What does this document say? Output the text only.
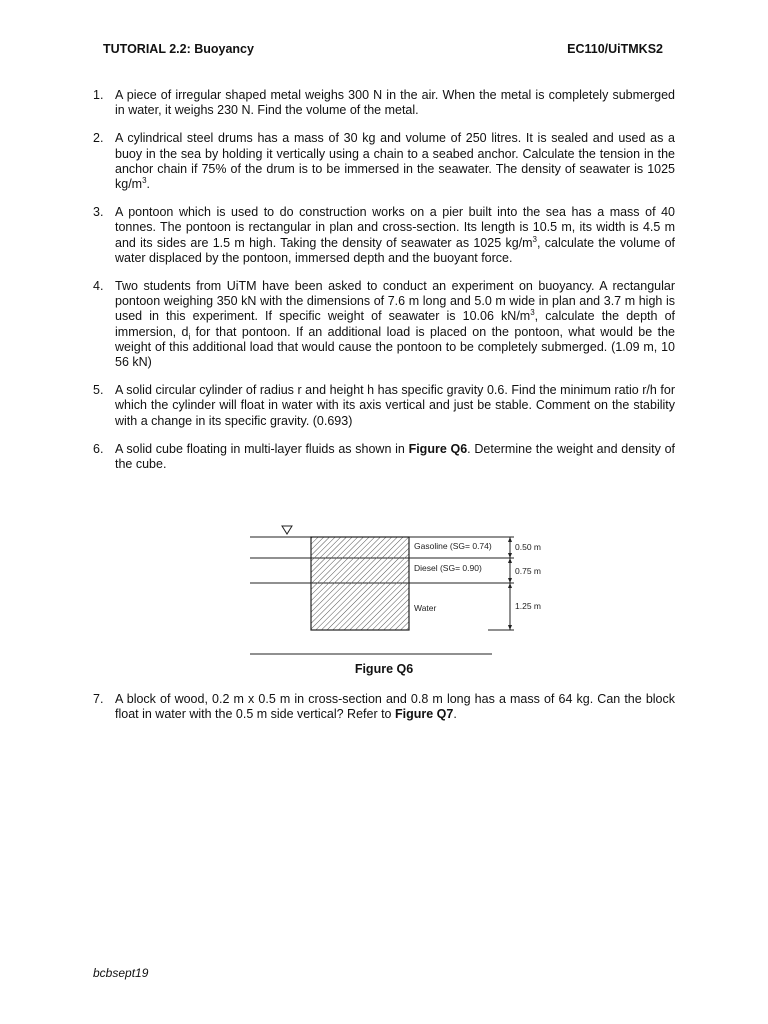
TUTORIAL 2.2: Buoyancy	EC110/UiTMKS2
1. A piece of irregular shaped metal weighs 300 N in the air. When the metal is completely submerged in water, it weighs 230 N. Find the volume of the metal.
2. A cylindrical steel drums has a mass of 30 kg and volume of 250 litres. It is sealed and used as a buoy in the sea by holding it vertically using a chain to a seabed anchor. Calculate the tension in the anchor chain if 75% of the drum is to be immersed in the seawater. The density of seawater is 1025 $kg/m^3$.
3. A pontoon which is used to do construction works on a pier built into the sea has a mass of 40 tonnes. The pontoon is rectangular in plan and cross-section. Its length is 10.5 m, its width is 4.5 m and its sides are 1.5 m high. Taking the density of seawater as 1025 $kg/m^3$, calculate the volume of water displaced by the pontoon, immersed depth and the buoyant force.
4. Two students from UiTM have been asked to conduct an experiment on buoyancy. A rectangular pontoon weighing 350 kN with the dimensions of 7.6 m long and 5.0 m wide in plan and 3.7 m high is used in this experiment. If specific weight of seawater is 10.06 $kN/m^3$, calculate the depth of immersion, $d_i$ for that pontoon. If an additional load is placed on the pontoon, what would be the weight of this additional load that would cause the pontoon to be completely submerged. (1.09 m, 10 56 kN)
5. A solid circular cylinder of radius r and height h has specific gravity 0.6. Find the minimum ratio r/h for which the cylinder will float in water with its axis vertical and just be stable. Comment on the stability with a change in its specific gravity. (0.693)
6. A solid cube floating in multi-layer fluids as shown in Figure Q6. Determine the weight and density of the cube.
Gasoline (SG= 0.74)
Diesel (SG= 0.90)
Water
0.50 m
0.75 m
1.25 m
Figure Q6
7. A block of wood, 0.2 m x 0.5 m in cross-section and 0.8 m long has a mass of 64 kg. Can the block float in water with the 0.5 m side vertical? Refer to Figure Q7.
bcbsept19
